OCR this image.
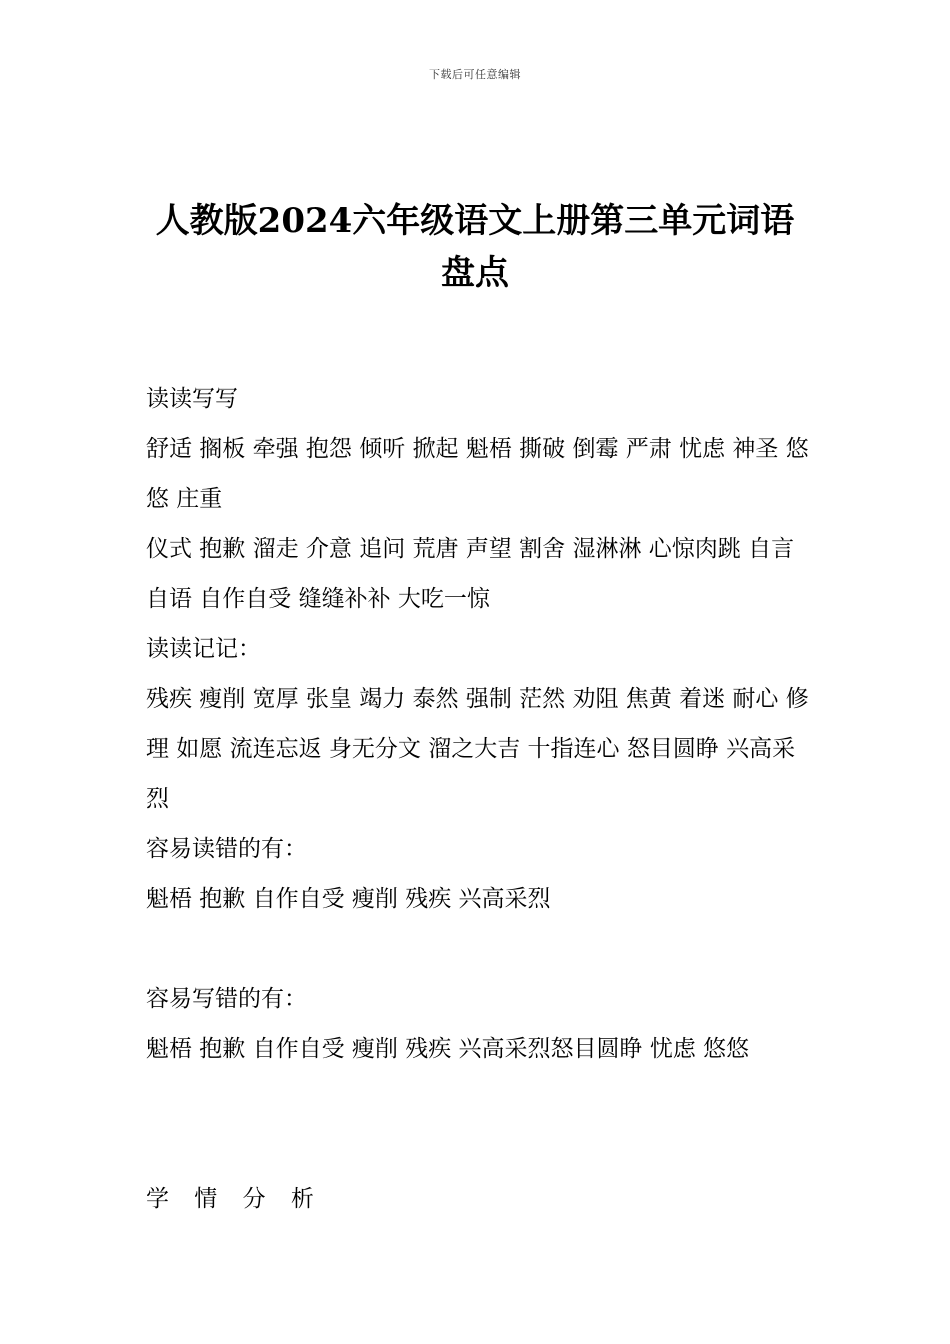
下载后可任意编辑
人教版2024六年级语文上册第三单元词语盘点

读读写写

舒适 搁板 牵强 抱怨 倾听 掀起 魁梧 撕破 倒霉 严肃 忧虑 神圣 悠悠 庄重

仪式 抱歉 溜走 介意 追问 荒唐 声望 割舍 湿淋淋 心惊肉跳 自言自语 自作自受 缝缝补补 大吃一惊

读读记记：

残疾 瘦削 宽厚 张皇 竭力 泰然 强制 茫然 劝阻 焦黄 着迷 耐心 修理 如愿 流连忘返 身无分文 溜之大吉 十指连心 怒目圆睁 兴高采烈

容易读错的有：

魁梧 抱歉 自作自受 瘦削 残疾 兴高采烈

容易写错的有：

魁梧 抱歉 自作自受 瘦削 残疾 兴高采烈怒目圆睁 忧虑 悠悠

学 情 分 析
